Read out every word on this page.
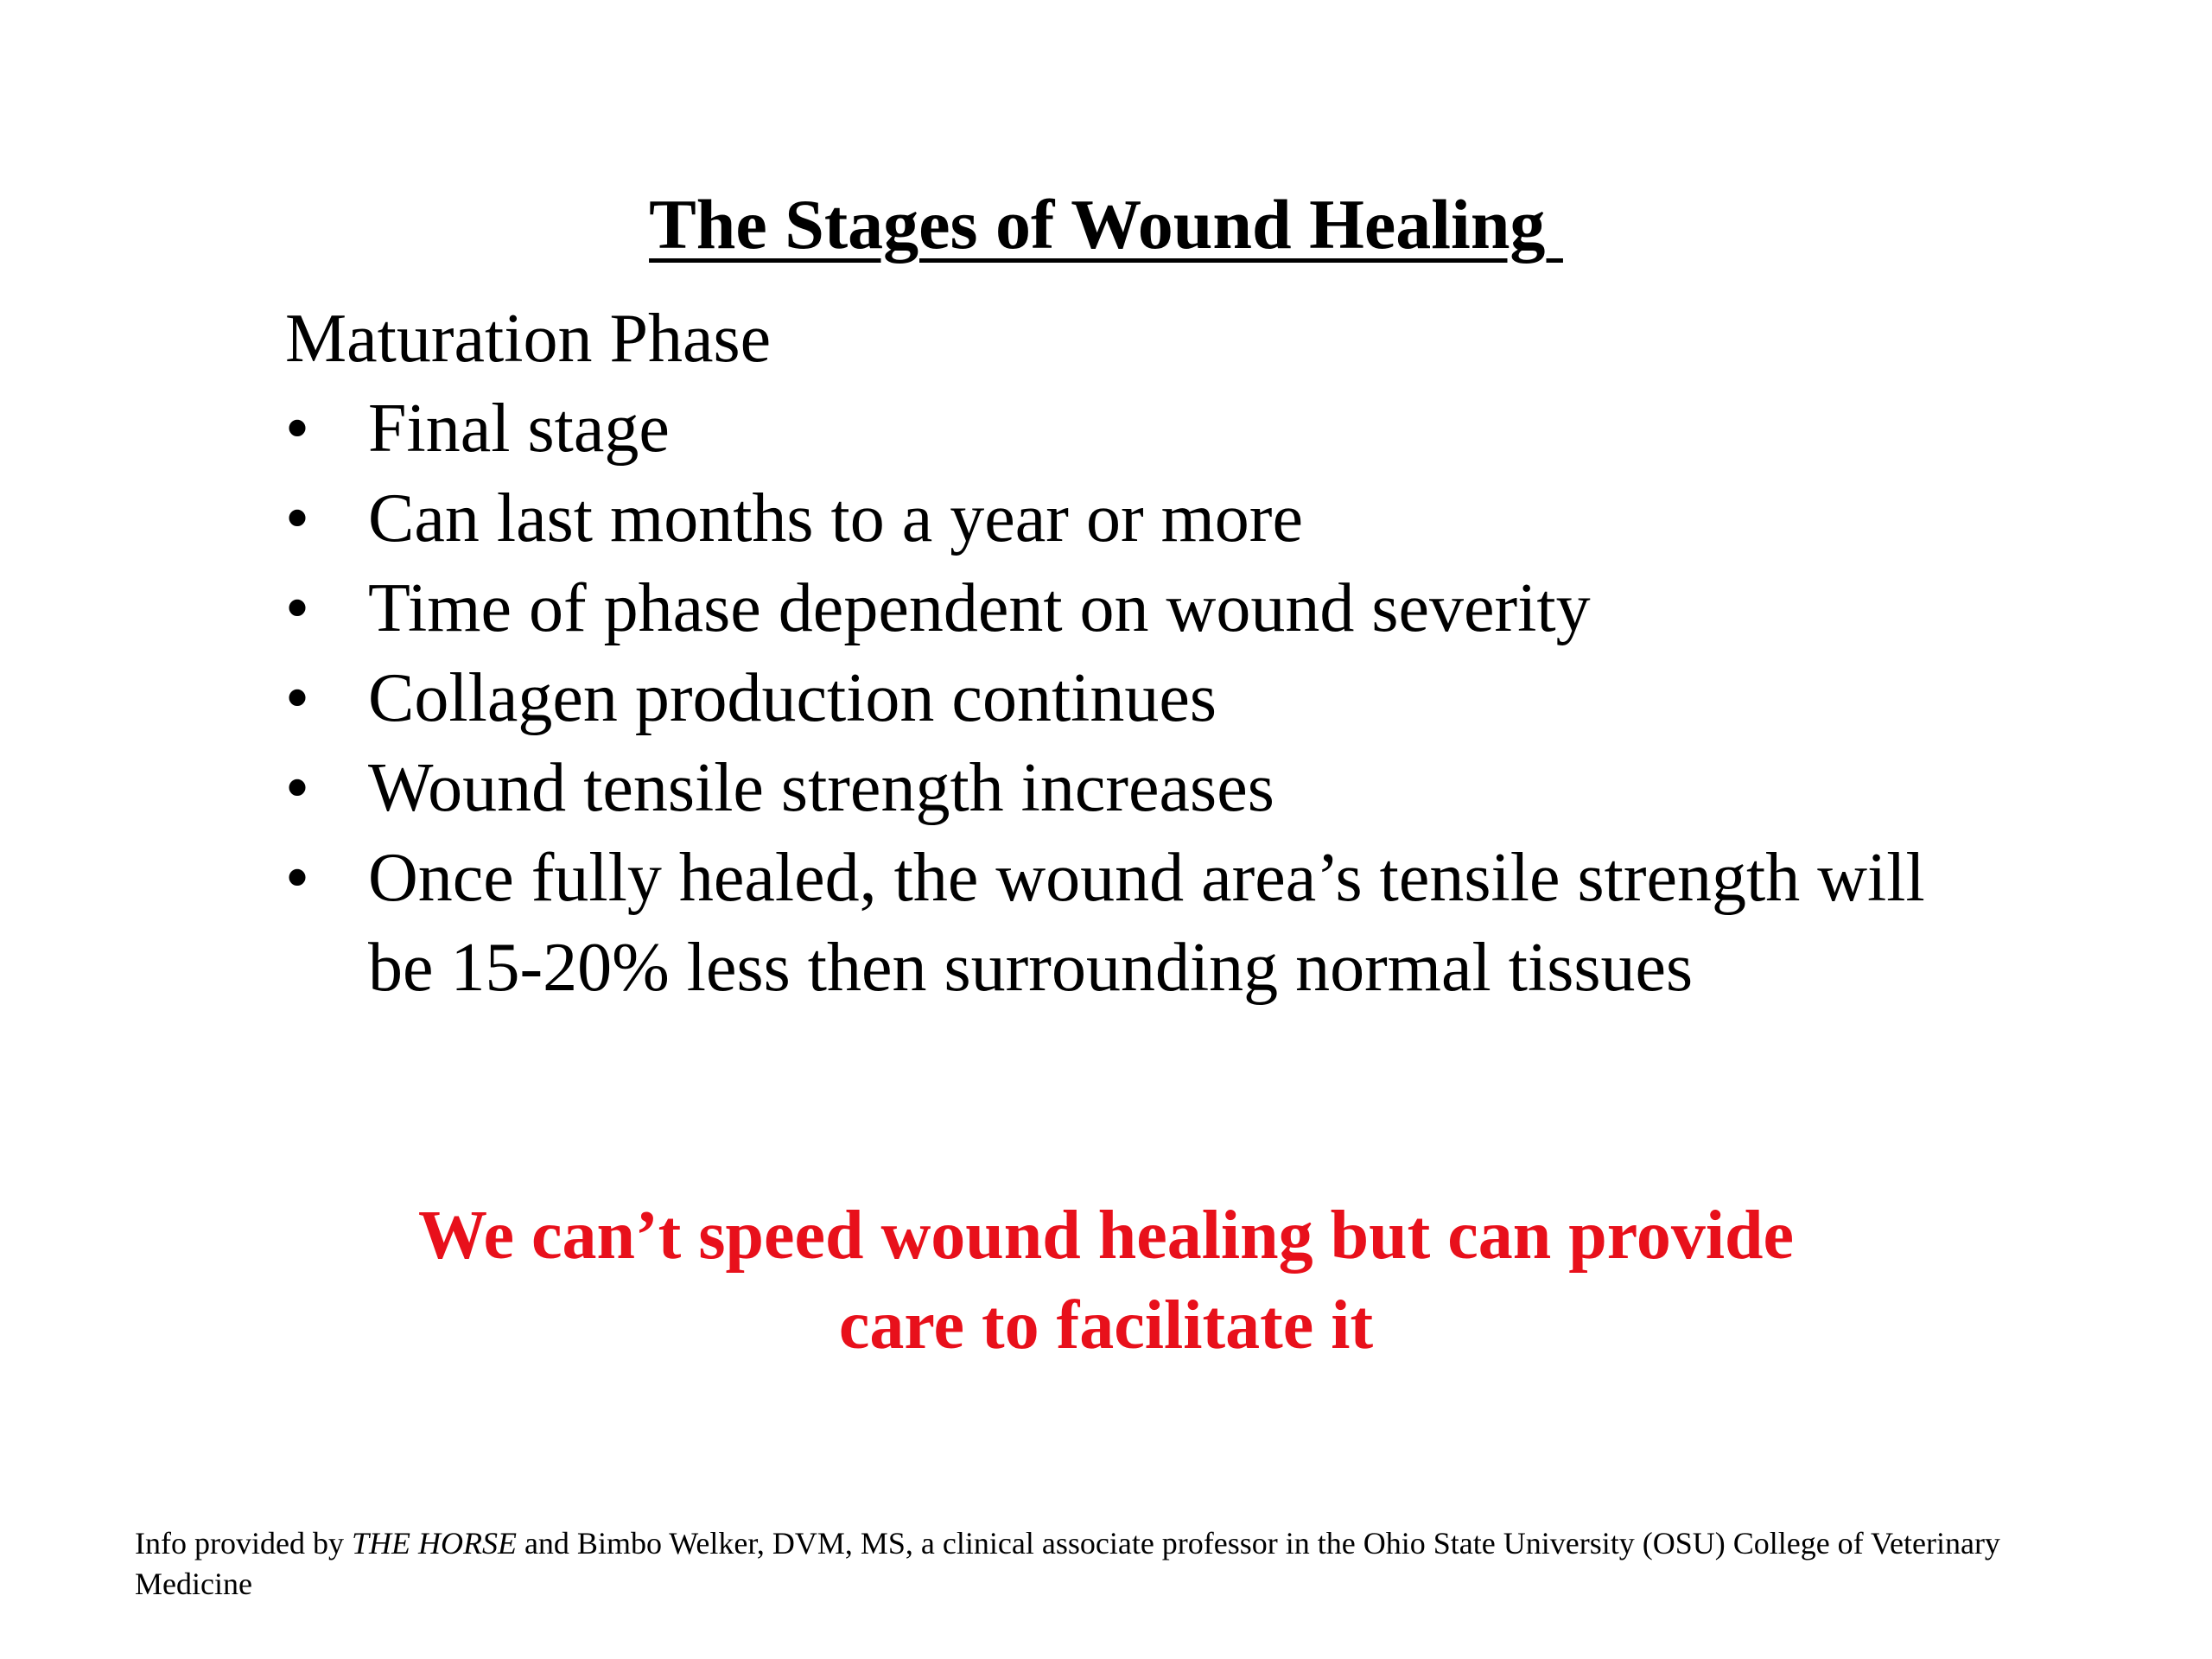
The Stages of Wound Healing
Maturation Phase
• Final stage
• Can last months to a year or more
• Time of phase dependent on wound severity
• Collagen production continues
• Wound tensile strength increases
• Once fully healed, the wound area’s tensile strength will be 15-20% less then surrounding normal tissues
We can’t speed wound healing but can provide
care to facilitate it
Info provided by THE HORSE and Bimbo Welker, DVM, MS, a clinical associate professor in the Ohio State University (OSU) College of Veterinary Medicine
